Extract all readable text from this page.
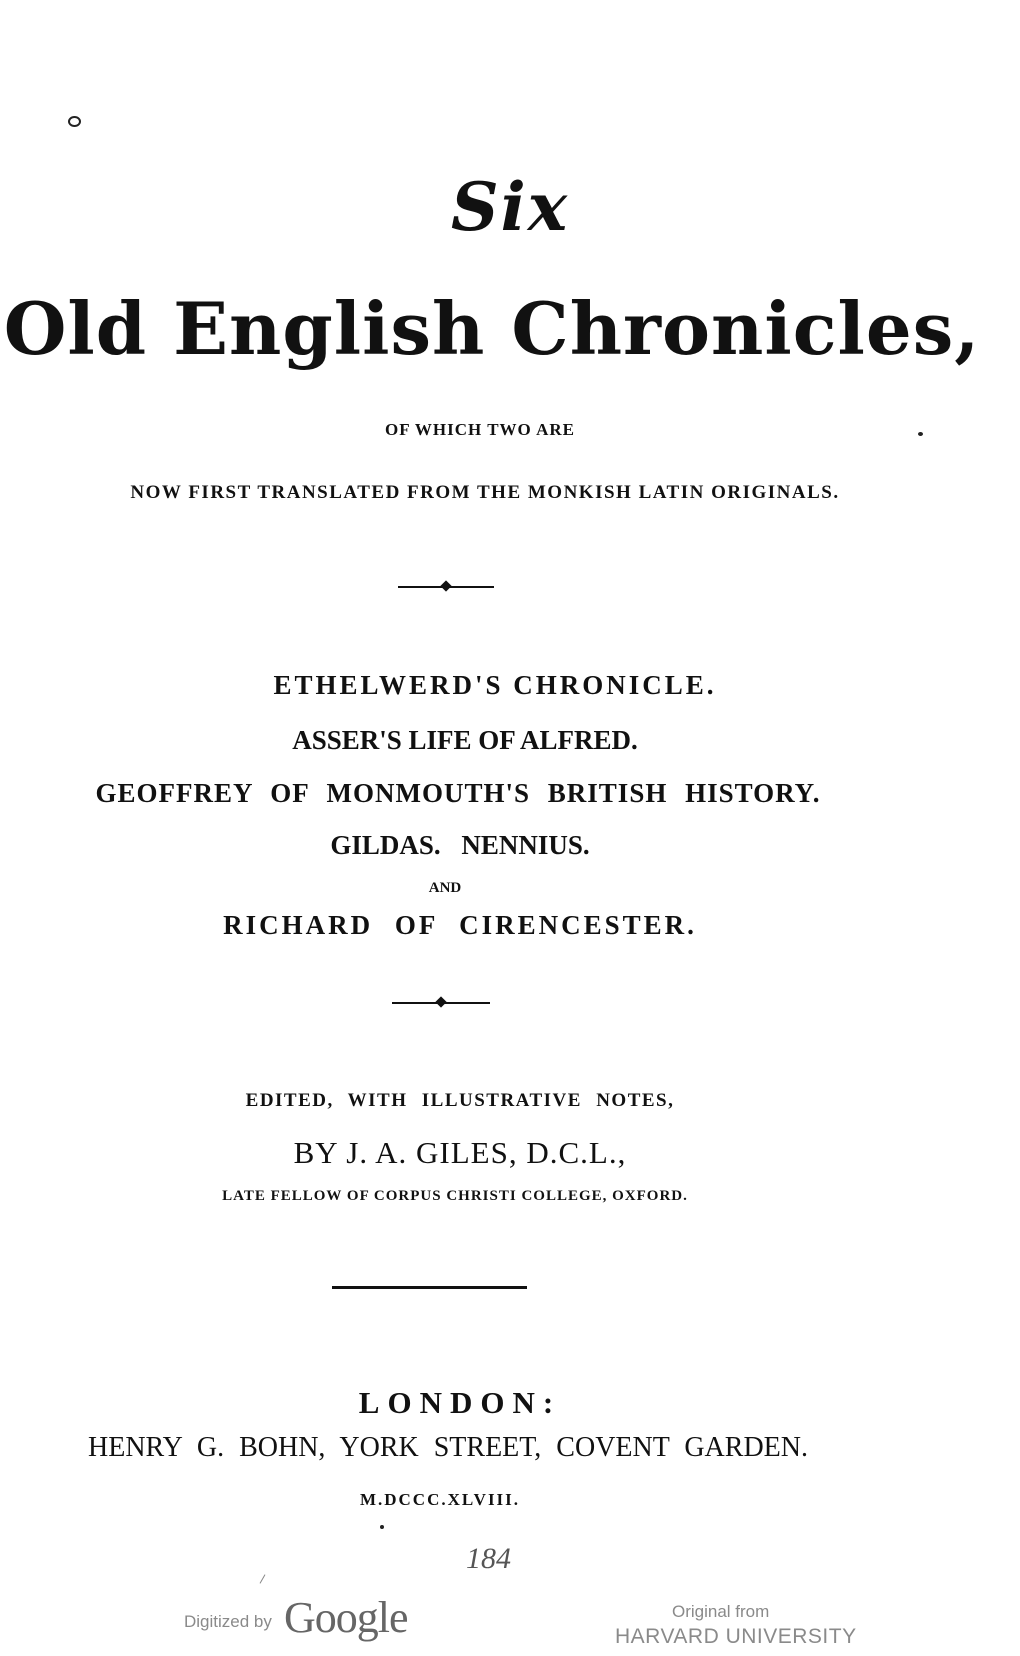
Six
Old English Chronicles,
OF WHICH TWO ARE
NOW FIRST TRANSLATED FROM THE MONKISH LATIN ORIGINALS.
ETHELWERD'S CHRONICLE.
ASSER'S LIFE OF ALFRED.
GEOFFREY OF MONMOUTH'S BRITISH HISTORY.
GILDAS. NENNIUS.
AND
RICHARD OF CIRENCESTER.
EDITED, WITH ILLUSTRATIVE NOTES,
BY J. A. GILES, D.C.L.,
LATE FELLOW OF CORPUS CHRISTI COLLEGE, OXFORD.
LONDON:
HENRY G. BOHN, YORK STREET, COVENT GARDEN.
M.DCCC.XLVIII.
184
Digitized by Google	Original from
HARVARD UNIVERSITY
